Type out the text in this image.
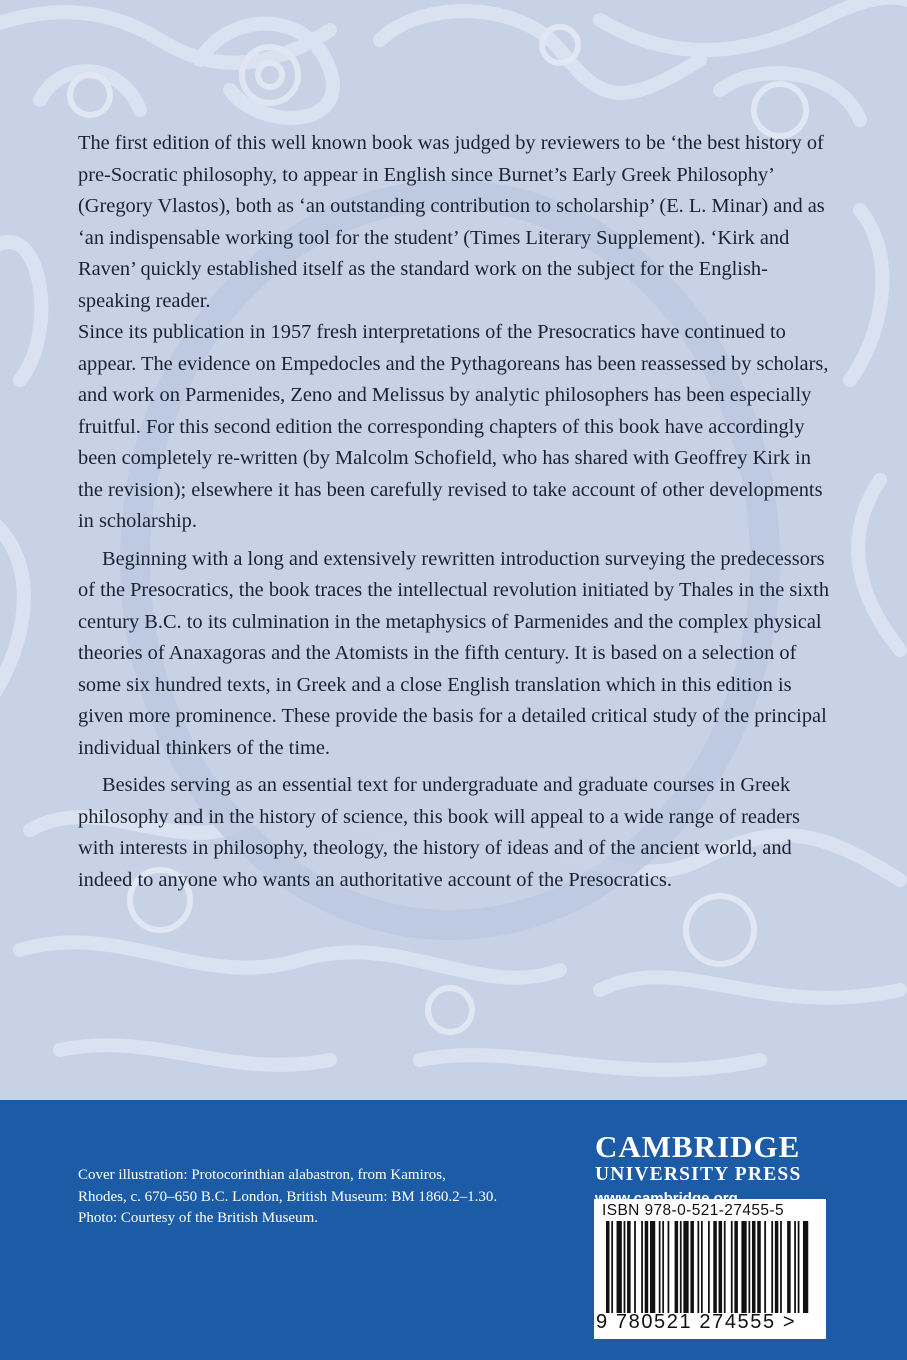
The first edition of this well known book was judged by reviewers to be ‘the best history of pre-Socratic philosophy, to appear in English since Burnet’s Early Greek Philosophy’ (Gregory Vlastos), both as ‘an outstanding contribution to scholarship’ (E. L. Minar) and as ‘an indispensable working tool for the student’ (Times Literary Supplement). ‘Kirk and Raven’ quickly established itself as the standard work on the subject for the English- speaking reader.

Since its publication in 1957 fresh interpretations of the Presocratics have continued to appear. The evidence on Empedocles and the Pythagoreans has been reassessed by scholars, and work on Parmenides, Zeno and Melissus by analytic philosophers has been especially fruitful. For this second edition the corresponding chapters of this book have accordingly been completely re-written (by Malcolm Schofield, who has shared with Geoffrey Kirk in the revision); elsewhere it has been carefully revised to take account of other developments in scholarship.

Beginning with a long and extensively rewritten introduction surveying the predecessors of the Presocratics, the book traces the intellectual revolution initiated by Thales in the sixth century B.C. to its culmination in the metaphysics of Parmenides and the complex physical theories of Anaxagoras and the Atomists in the fifth century. It is based on a selection of some six hundred texts, in Greek and a close English translation which in this edition is given more prominence. These provide the basis for a detailed critical study of the principal individual thinkers of the time.

Besides serving as an essential text for undergraduate and graduate courses in Greek philosophy and in the history of science, this book will appeal to a wide range of readers with interests in philosophy, theology, the history of ideas and of the ancient world, and indeed to anyone who wants an authoritative account of the Presocratics.

Cover illustration: Protocorinthian alabastron, from Kamiros, Rhodes, c. 670–650 B.C. London, British Museum: BM 1860.2–1.30. Photo: Courtesy of the British Museum.
CAMBRIDGE
UNIVERSITY PRESS
ISBN 978-0-521-27455-5
9 780521 274555 >
